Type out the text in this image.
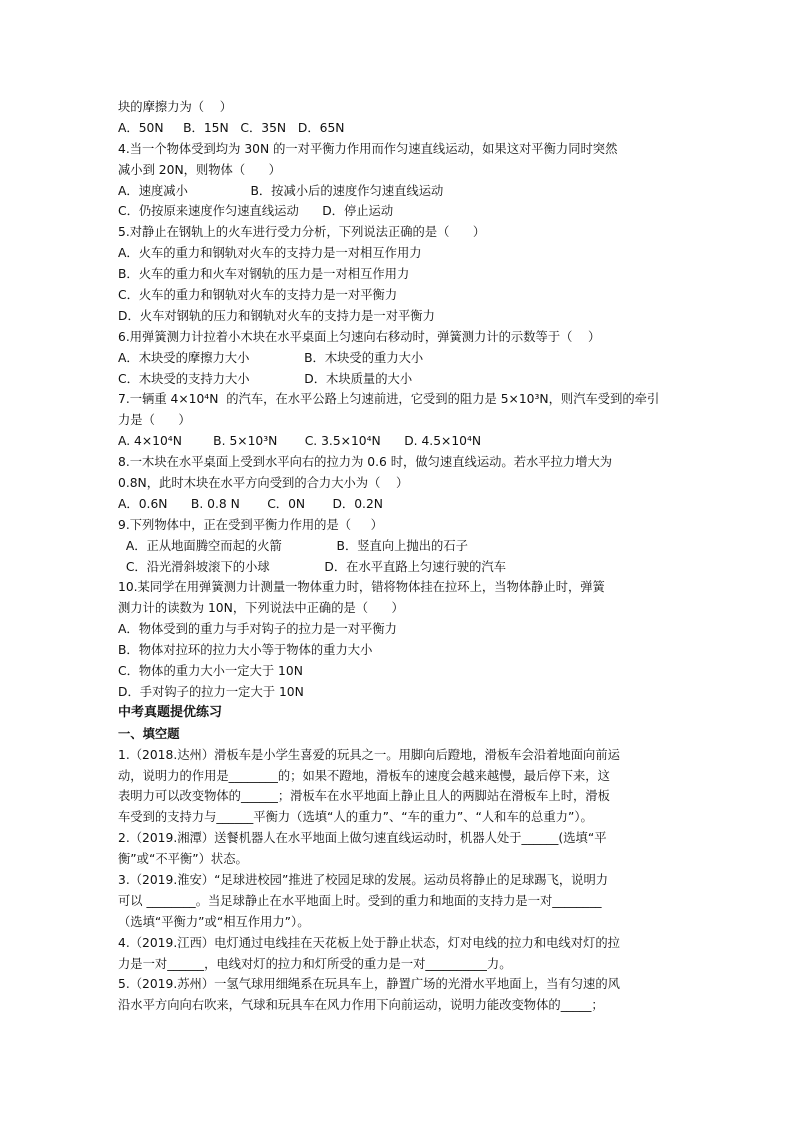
块的摩擦力为（    ）
A．50N     B．15N   C．35N   D．65N
4.当一个物体受到均为 30N 的一对平衡力作用而作匀速直线运动，如果这对平衡力同时突然
减小到 20N，则物体（      ）
A．速度减小                B．按减小后的速度作匀速直线运动
C．仍按原来速度作匀速直线运动      D．停止运动
5.对静止在钢轨上的火车进行受力分析，下列说法正确的是（      ）
A．火车的重力和钢轨对火车的支持力是一对相互作用力
B．火车的重力和火车对钢轨的压力是一对相互作用力
C．火车的重力和钢轨对火车的支持力是一对平衡力
D．火车对钢轨的压力和钢轨对火车的支持力是一对平衡力
6.用弹簧测力计拉着小木块在水平桌面上匀速向右移动时，弹簧测力计的示数等于（    ）
A．木块受的摩擦力大小              B．木块受的重力大小
C．木块受的支持力大小              D．木块质量的大小
7.一辆重 4×10⁴N  的汽车，在水平公路上匀速前进，它受到的阻力是 5×10³N，则汽车受到的牵引
力是（      ）
A. 4×10⁴N        B. 5×10³N       C. 3.5×10⁴N      D. 4.5×10⁴N
8.一木块在水平桌面上受到水平向右的拉力为 0.6 时，做匀速直线运动。若水平拉力增大为
0.8N，此时木块在水平方向受到的合力大小为（    ）
A．0.6N      B. 0.8 N       C．0N       D．0.2N
9.下列物体中，正在受到平衡力作用的是（     ）
A．正从地面腾空而起的火箭              B．竖直向上抛出的石子
C．沿光滑斜坡滚下的小球              D．在水平直路上匀速行驶的汽车
10.某同学在用弹簧测力计测量一物体重力时，错将物体挂在拉环上，当物体静止时，弹簧
测力计的读数为 10N，下列说法中正确的是（      ）
A．物体受到的重力与手对钩子的拉力是一对平衡力
B．物体对拉环的拉力大小等于物体的重力大小
C．物体的重力大小一定大于 10N
D．手对钩子的拉力一定大于 10N
中考真题提优练习
一、填空题
1.（2018.达州）滑板车是小学生喜爱的玩具之一。用脚向后蹬地，滑板车会沿着地面向前运
动，说明力的作用是________的；如果不蹬地，滑板车的速度会越来越慢，最后停下来，这
表明力可以改变物体的______；滑板车在水平地面上静止且人的两脚站在滑板车上时，滑板
车受到的支持力与______平衡力（选填“人的重力”、“车的重力”、“人和车的总重力”）。
2.（2019.湘潭）送餐机器人在水平地面上做匀速直线运动时，机器人处于______(选填“平
衡”或“不平衡”）状态。
3.（2019.淮安）“足球进校园”推进了校园足球的发展。运动员将静止的足球踢飞，说明力
可以 ________。当足球静止在水平地面上时。受到的重力和地面的支持力是一对________
（选填“平衡力”或“相互作用力”）。
4.（2019.江西）电灯通过电线挂在天花板上处于静止状态，灯对电线的拉力和电线对灯的拉
力是一对______，电线对灯的拉力和灯所受的重力是一对__________力。
5.（2019.苏州）一氢气球用细绳系在玩具车上，静置广场的光滑水平地面上，当有匀速的风
沿水平方向向右吹来，气球和玩具车在风力作用下向前运动，说明力能改变物体的_____；
